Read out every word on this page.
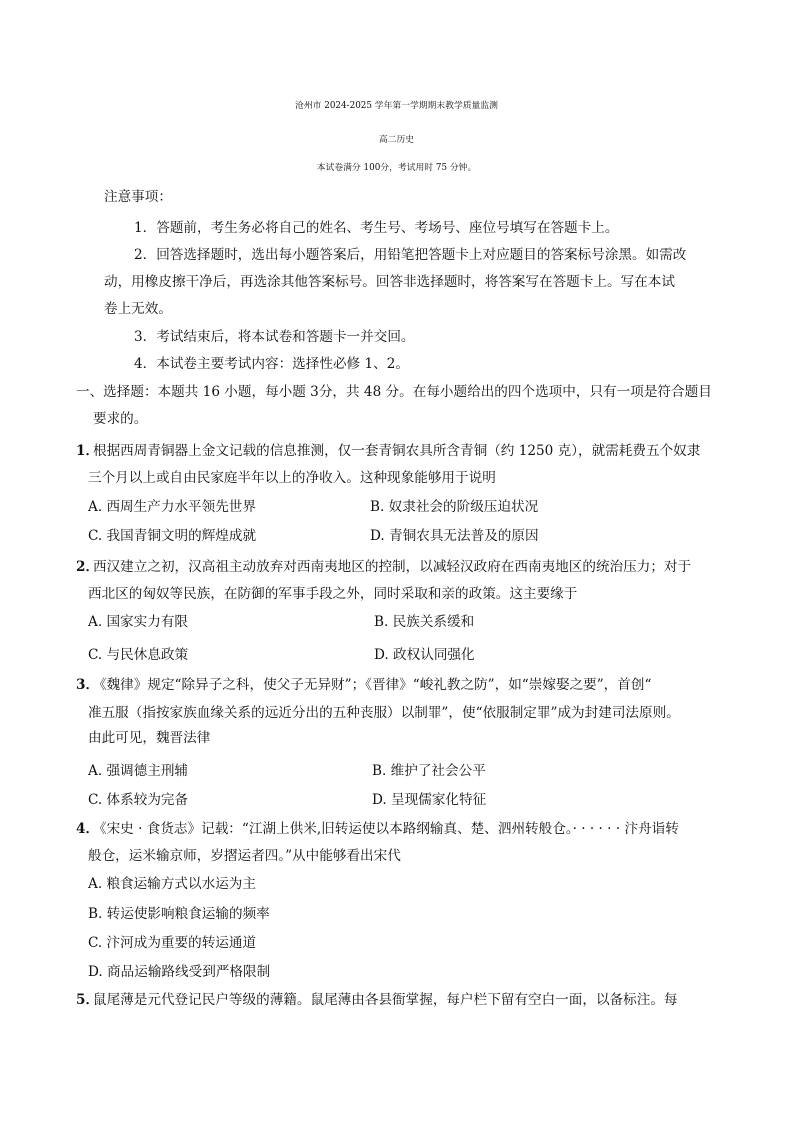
沧州市 2024-2025 学年第一学期期末教学质量监测
高二历史
本试卷满分 100分，考试用时 75 分钟。
注意事项：
1．答题前，考生务必将自己的姓名、考生号、考场号、座位号填写在答题卡上。
2．回答选择题时，选出每小题答案后，用铅笔把答题卡上对应题目的答案标号涂黑。如需改
动，用橡皮擦干净后，再选涂其他答案标号。回答非选择题时，将答案写在答题卡上。写在本试
卷上无效。
3．考试结束后，将本试卷和答题卡一并交回。
4．本试卷主要考试内容：选择性必修 1、2。
一、选择题：本题共 16 小题，每小题 3分，共 48 分。在每小题给出的四个选项中，只有一项是符合题目
要求的。
1．
根据西周青铜器上金文记载的信息推测，仅一套青铜农具所含青铜（约 1250 克），就需耗费五个奴隶
三个月以上或自由民家庭半年以上的净收入。这种现象能够用于说明
A. 西周生产力水平领先世界	B. 奴隶社会的阶级压迫状况
C. 我国青铜文明的辉煌成就	D. 青铜农具无法普及的原因
2．
西汉建立之初，汉高祖主动放弃对西南夷地区的控制，以减轻汉政府在西南夷地区的统治压力；对于
西北区的匈奴等民族，在防御的军事手段之外，同时采取和亲的政策。这主要缘于
A. 国家实力有限	B. 民族关系缓和
C. 与民休息政策	D. 政权认同强化
3．
《魏律》规定“除异子之科，使父子无异财”；《晋律》“峻礼教之防”，如“崇嫁娶之要”，首创“
准五服（指按家族血缘关系的远近分出的五种丧服）以制罪”，使“依服制定罪”成为封建司法原则。
由此可见，魏晋法律
A. 强调德主刑辅	B. 维护了社会公平
C. 体系较为完备	D. 呈现儒家化特征
4．
《宋史 · 食货志》记载：“江湖上供米,旧转运使以本路纲输真、楚、泗州转般仓。· · · · · · 汴舟诣转
般仓，运米输京师，岁摺运者四。”从中能够看出宋代
A. 粮食运输方式以水运为主
B. 转运使影响粮食运输的频率
C. 汴河成为重要的转运通道
D. 商品运输路线受到严格限制
5．
鼠尾薄是元代登记民户等级的薄籍。鼠尾薄由各县衙掌握，每户栏下留有空白一面，以备标注。每
